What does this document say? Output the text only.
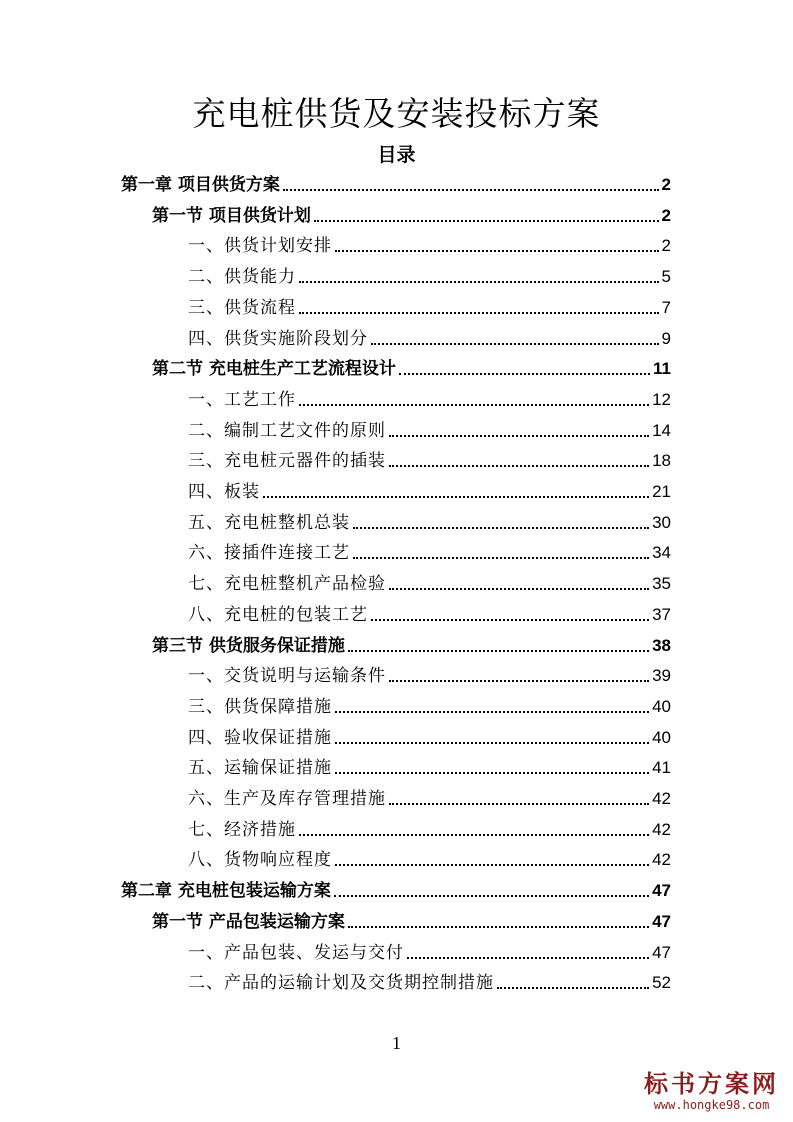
充电桩供货及安装投标方案
目录
第一章 项目供货方案	2
第一节 项目供货计划	2
一、供货计划安排	2
二、供货能力	5
三、供货流程	7
四、供货实施阶段划分	9
第二节 充电桩生产工艺流程设计	11
一、工艺工作	12
二、编制工艺文件的原则	14
三、充电桩元器件的插装	18
四、板装	21
五、充电桩整机总装	30
六、接插件连接工艺	34
七、充电桩整机产品检验	35
八、充电桩的包装工艺	37
第三节 供货服务保证措施	38
一、交货说明与运输条件	39
三、供货保障措施	40
四、验收保证措施	40
五、运输保证措施	41
六、生产及库存管理措施	42
七、经济措施	42
八、货物响应程度	42
第二章 充电桩包装运输方案	47
第一节 产品包装运输方案	47
一、产品包装、发运与交付	47
二、产品的运输计划及交货期控制措施	52
1
标书方案网
www.hongke98.com
